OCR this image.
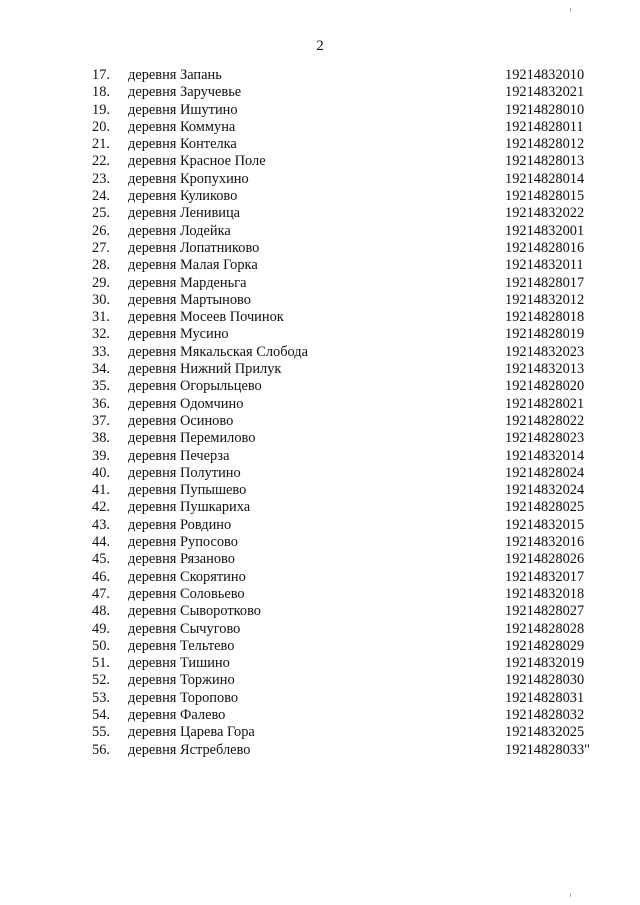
2
17. деревня Запань	19214832010
18. деревня Заручевье	19214832021
19. деревня Ишутино	19214828010
20. деревня Коммуна	19214828011
21. деревня Контелка	19214828012
22. деревня Красное Поле	19214828013
23. деревня Кропухино	19214828014
24. деревня Куликово	19214828015
25. деревня Ленивица	19214832022
26. деревня Лодейка	19214832001
27. деревня Лопатниково	19214828016
28. деревня Малая Горка	19214832011
29. деревня Марденьга	19214828017
30. деревня Мартыново	19214832012
31. деревня Мосеев Починок	19214828018
32. деревня Мусино	19214828019
33. деревня Мякальская Слобода	19214832023
34. деревня Нижний Прилук	19214832013
35. деревня Огорыльцево	19214828020
36. деревня Одомчино	19214828021
37. деревня Осиново	19214828022
38. деревня Перемилово	19214828023
39. деревня Печерза	19214832014
40. деревня Полутино	19214828024
41. деревня Пупышево	19214832024
42. деревня Пушкариха	19214828025
43. деревня Ровдино	19214832015
44. деревня Рупосово	19214832016
45. деревня Рязаново	19214828026
46. деревня Скорятино	19214832017
47. деревня Соловьево	19214832018
48. деревня Сыворотково	19214828027
49. деревня Сычугово	19214828028
50. деревня Тельтево	19214828029
51. деревня Тишино	19214832019
52. деревня Торжино	19214828030
53. деревня Торопово	19214828031
54. деревня Фалево	19214828032
55. деревня Царева Гора	19214832025
56. деревня Ястреблево	19214828033"
